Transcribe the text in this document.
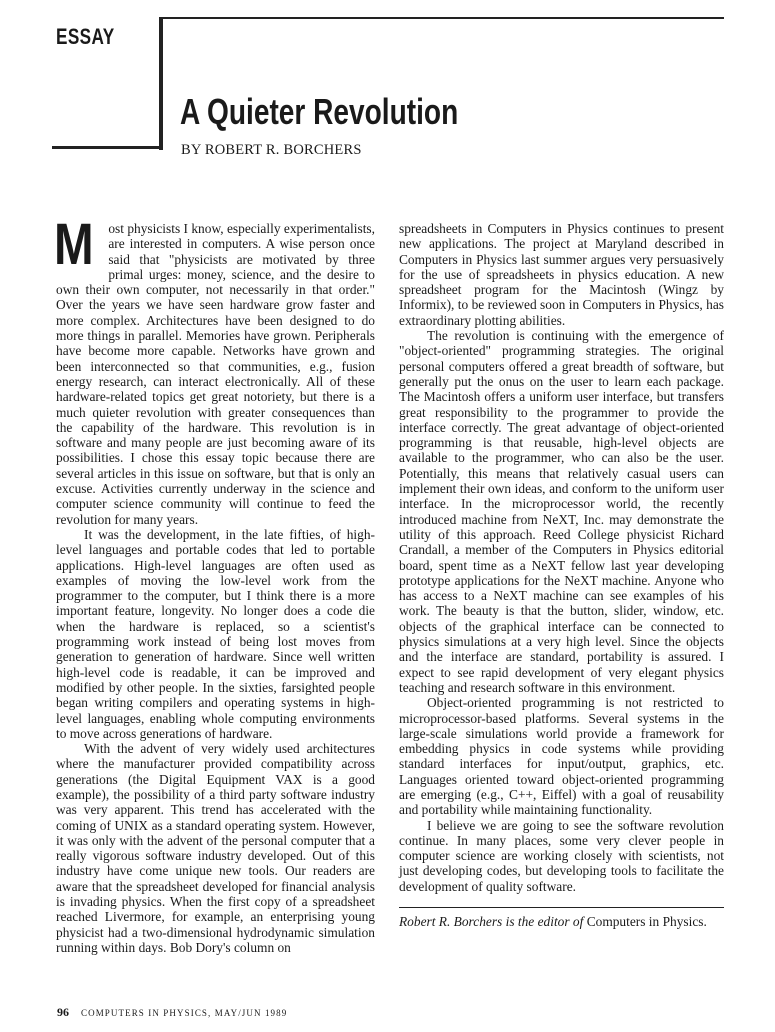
ESSAY
A Quieter Revolution
BY ROBERT R. BORCHERS

M ost physicists I know, especially experimentalists, are interested in computers. A wise person once said that "physicists are motivated by three primal urges: money, science, and the desire to own their own computer, not necessarily in that order." Over the years we have seen hardware grow faster and more complex. Architectures have been designed to do more things in parallel. Memories have grown. Peripherals have become more capable. Networks have grown and been interconnected so that communities, e.g., fusion energy research, can interact electronically. All of these hardware-related topics get great notoriety, but there is a much quieter revolution with greater consequences than the capability of the hardware. This revolution is in software and many people are just becoming aware of its possibilities. I chose this essay topic because there are several articles in this issue on software, but that is only an excuse. Activities currently underway in the science and computer science community will continue to feed the revolution for many years.

It was the development, in the late fifties, of high-level languages and portable codes that led to portable applications. High-level languages are often used as examples of moving the low-level work from the programmer to the computer, but I think there is a more important feature, longevity. No longer does a code die when the hardware is replaced, so a scientist's programming work instead of being lost moves from generation to generation of hardware. Since well written high-level code is readable, it can be improved and modified by other people. In the sixties, farsighted people began writing compilers and operating systems in high-level languages, enabling whole computing environments to move across generations of hardware.

With the advent of very widely used architectures where the manufacturer provided compatibility across generations (the Digital Equipment VAX is a good example), the possibility of a third party software industry was very apparent. This trend has accelerated with the coming of UNIX as a standard operating system. However, it was only with the advent of the personal computer that a really vigorous software industry developed. Out of this industry have come unique new tools. Our readers are aware that the spreadsheet developed for financial analysis is invading physics. When the first copy of a spreadsheet reached Livermore, for example, an enterprising young physicist had a two-dimensional hydrodynamic simulation running within days. Bob Dory's column on

spreadsheets in Computers in Physics continues to present new applications. The project at Maryland described in Computers in Physics last summer argues very persuasively for the use of spreadsheets in physics education. A new spreadsheet program for the Macintosh (Wingz by Informix), to be reviewed soon in Computers in Physics, has extraordinary plotting abilities.

The revolution is continuing with the emergence of "object-oriented" programming strategies. The original personal computers offered a great breadth of software, but generally put the onus on the user to learn each package. The Macintosh offers a uniform user interface, but transfers great responsibility to the programmer to provide the interface correctly. The great advantage of object-oriented programming is that reusable, high-level objects are available to the programmer, who can also be the user. Potentially, this means that relatively casual users can implement their own ideas, and conform to the uniform user interface. In the microprocessor world, the recently introduced machine from NeXT, Inc. may demonstrate the utility of this approach. Reed College physicist Richard Crandall, a member of the Computers in Physics editorial board, spent time as a NeXT fellow last year developing prototype applications for the NeXT machine. Anyone who has access to a NeXT machine can see examples of his work. The beauty is that the button, slider, window, etc. objects of the graphical interface can be connected to physics simulations at a very high level. Since the objects and the interface are standard, portability is assured. I expect to see rapid development of very elegant physics teaching and research software in this environment.

Object-oriented programming is not restricted to microprocessor-based platforms. Several systems in the large-scale simulations world provide a framework for embedding physics in code systems while providing standard interfaces for input/output, graphics, etc. Languages oriented toward object-oriented programming are emerging (e.g., C++, Eiffel) with a goal of reusability and portability while maintaining functionality.

I believe we are going to see the software revolution continue. In many places, some very clever people in computer science are working closely with scientists, not just developing codes, but developing tools to facilitate the development of quality software.

Robert R. Borchers is the editor of Computers in Physics.

96 COMPUTERS IN PHYSICS, MAY/JUN 1989
